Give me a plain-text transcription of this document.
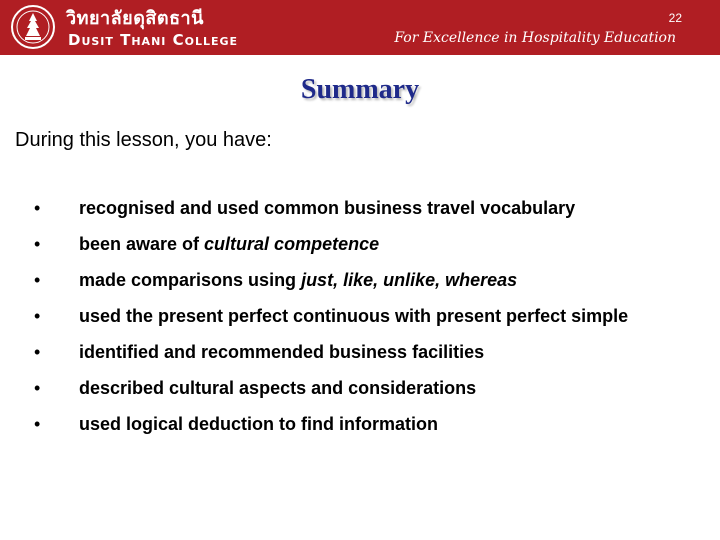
วิทยาลัยดุสิตธานี
Dusit Thani College
22
For Excellence in Hospitality Education
Summary
During this lesson, you have:
• recognised and used common business travel vocabulary
• been aware of cultural competence
• made comparisons using just, like, unlike, whereas
• used the present perfect continuous with present perfect simple
• identified and recommended business facilities
• described cultural aspects and considerations
• used logical deduction to find information
